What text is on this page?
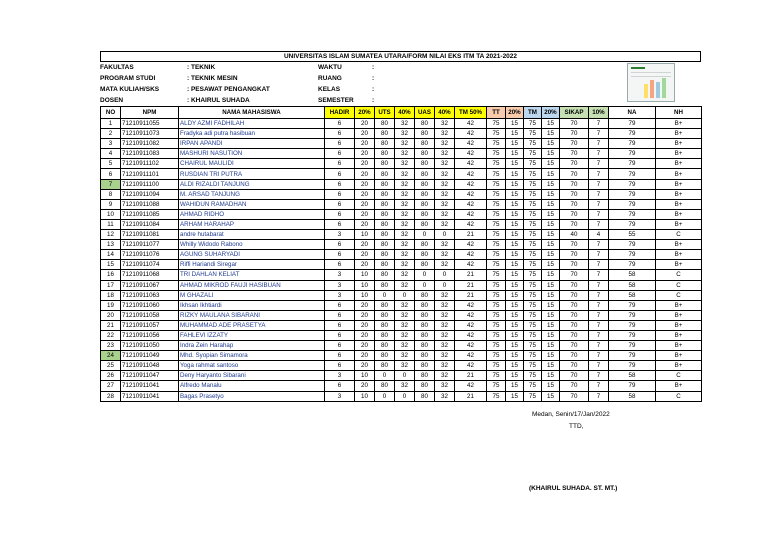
UNIVERSITAS ISLAM SUMATEA UTARA/FORM NILAI EKS ITM TA 2021-2022
FAKULTAS	: TEKNIK	WAKTU	:
PROGRAM STUDI	: TEKNIK MESIN	RUANG	:
MATA KULIAH/SKS	: PESAWAT PENGANGKAT	KELAS	:
DOSEN	: KHAIRUL SUHADA	SEMESTER	:
NO	NPM	NAMA MAHASISWA	HADIR	20%	UTS	40%	UAS	40%	TM 50%	TT	20%	TM	20%	SIKAP	10%	NA	NH
1	71210911055	ALDY AZMI FADHILAH	6	20	80	32	80	32	42	75	15	75	15	70	7	79	B+
2	71210911073	Fradyka adi putra hasibuan	6	20	80	32	80	32	42	75	15	75	15	70	7	79	B+
3	71210911082	IRPAN APANDI	6	20	80	32	80	32	42	75	15	75	15	70	7	79	B+
4	71210911083	MASHURI NASUTION	6	20	80	32	80	32	42	75	15	75	15	70	7	79	B+
5	71210911102	CHAIRUL MAULIDI	6	20	80	32	80	32	42	75	15	75	15	70	7	79	B+
6	71210911101	RUSDIAN TRI PUTRA	6	20	80	32	80	32	42	75	15	75	15	70	7	79	B+
7	71210911100	ALDI RIZALDI TANJUNG	6	20	80	32	80	32	42	75	15	75	15	70	7	79	B+
8	71210911094	M. ARSAD TANJUNG	6	20	80	32	80	32	42	75	15	75	15	70	7	79	B+
9	71210911088	WAHIDUN RAMADHAN	6	20	80	32	80	32	42	75	15	75	15	70	7	79	B+
10	71210911085	AHMAD RIDHO	6	20	80	32	80	32	42	75	15	75	15	70	7	79	B+
11	71210911084	ARHAM HARAHAP	6	20	80	32	80	32	42	75	15	75	15	70	7	79	B+
12	71210911081	andre hutabarat	3	10	80	32	0	0	21	75	15	75	15	40	4	55	C
13	71210911077	Whilly Widodo Rabono	6	20	80	32	80	32	42	75	15	75	15	70	7	79	B+
14	71210911076	AGUNG SUHARYADI	6	20	80	32	80	32	42	75	15	75	15	70	7	79	B+
15	71210911074	Riffi Hariandi Siregar	6	20	80	32	80	32	42	75	15	75	15	70	7	79	B+
16	71210911068	TRI DAHLAN KELIAT	3	10	80	32	0	0	21	75	15	75	15	70	7	58	C
17	71210911067	AHMAD MIKROD FAUJI HASIBUAN	3	10	80	32	0	0	21	75	15	75	15	70	7	58	C
18	71210911063	M GHAZALI	3	10	0	0	80	32	21	75	15	75	15	70	7	58	C
19	71210911060	Ikhsan Ikhtiardi	6	20	80	32	80	32	42	75	15	75	15	70	7	79	B+
20	71210911058	RIZKY MAULANA SIBARANI	6	20	80	32	80	32	42	75	15	75	15	70	7	79	B+
21	71210911057	MUHAMMAD ADE PRASETYA	6	20	80	32	80	32	42	75	15	75	15	70	7	79	B+
22	71210911056	FAHLEVI IZZATY	6	20	80	32	80	32	42	75	15	75	15	70	7	79	B+
23	71210911050	Indra Zein Harahap	6	20	80	32	80	32	42	75	15	75	15	70	7	79	B+
24	71210911049	Mhd. Syopian Simamora	6	20	80	32	80	32	42	75	15	75	15	70	7	79	B+
25	71210911048	Yoga rahmat santoso	6	20	80	32	80	32	42	75	15	75	15	70	7	79	B+
26	71210911047	Deny Haryanto Sibarani	3	10	0	0	80	32	21	75	15	75	15	70	7	58	C
27	71210911041	Alfredo Manalu	6	20	80	32	80	32	42	75	15	75	15	70	7	79	B+
28	71210911041	Bagas Prasetyo	3	10	0	0	80	32	21	75	15	75	15	70	7	58	C
Medan, Senin/17/Jan/2022
TTD,
(KHAIRUL SUHADA. ST. MT.)
